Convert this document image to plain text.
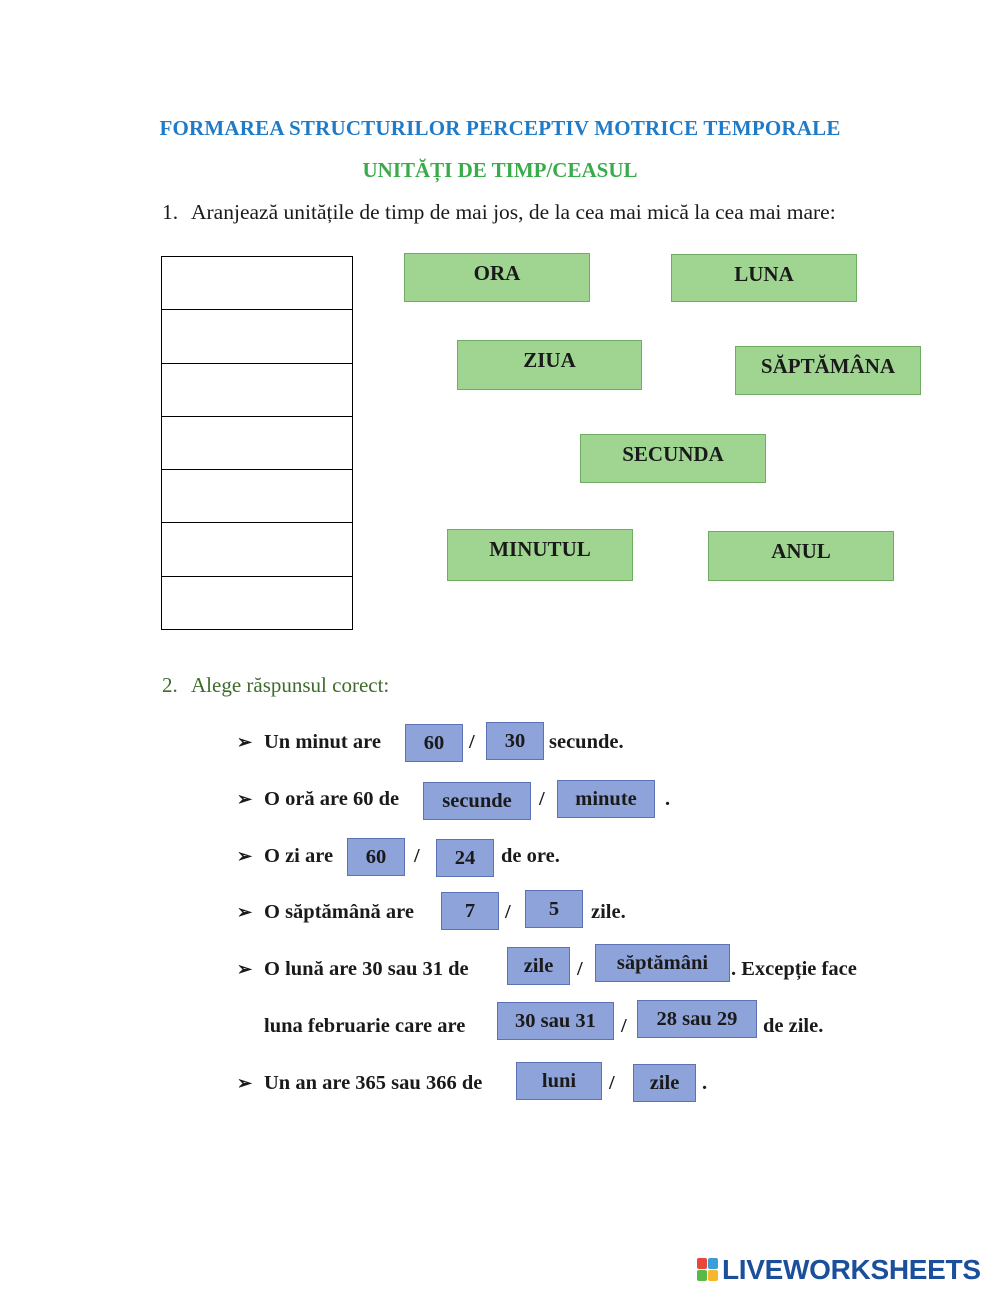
FORMAREA STRUCTURILOR PERCEPTIV MOTRICE TEMPORALE
UNITĂȚI DE TIMP/CEASUL
1. Aranjează unitățile de timp de mai jos, de la cea mai mică la cea mai mare:
ORA	LUNA
ZIUA	SĂPTĂMÂNA
SECUNDA
MINUTUL	ANUL
2. Alege răspunsul corect:
➢ Un minut are	60	/	30	secunde.
➢ O oră are 60 de	secunde	/	minute	.
➢ O zi are	60	/	24	de ore.
➢ O săptămână are	7	/	5	zile.
➢ O lună are 30 sau 31 de	zile	/	săptămâni	. Excepție face
luna februarie care are	30 sau 31	/	28 sau 29	de zile.
➢ Un an are 365 sau 366 de	luni	/	zile	.
LIVEWORKSHEETS
